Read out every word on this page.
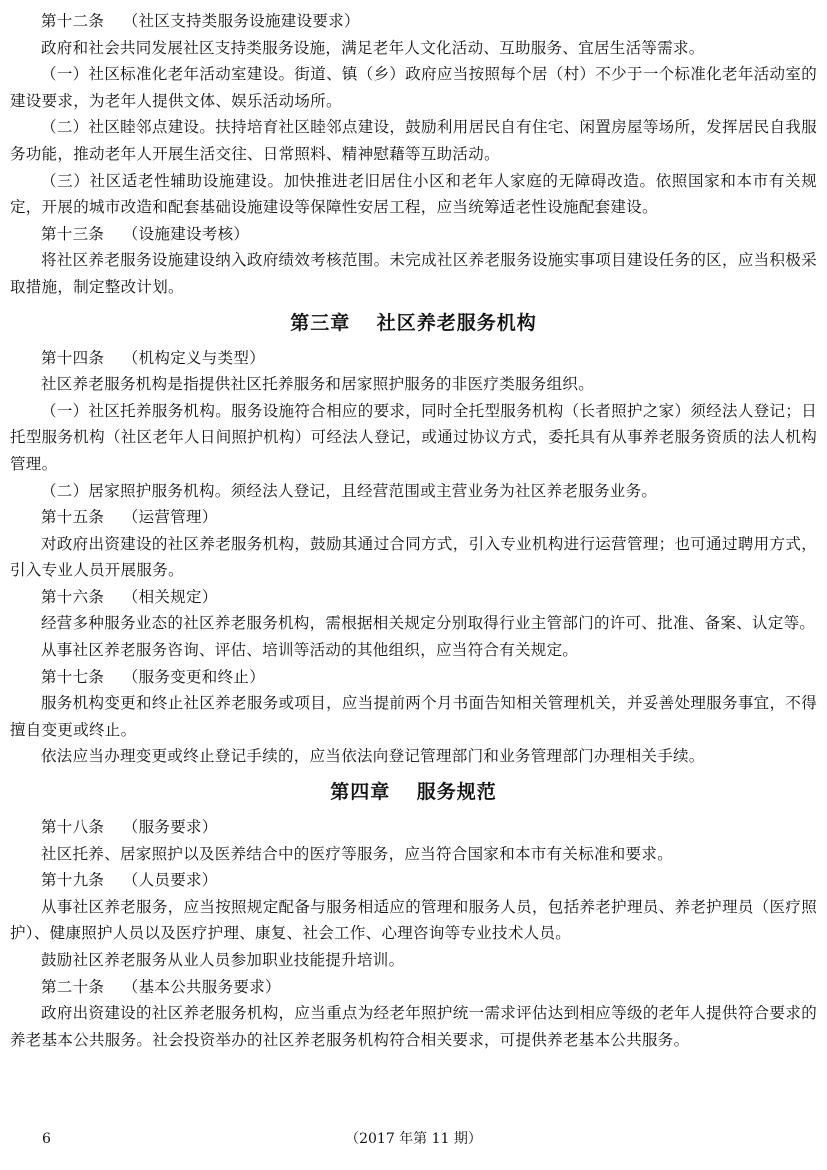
第十二条 （社区支持类服务设施建设要求）

政府和社会共同发展社区支持类服务设施，满足老年人文化活动、互助服务、宜居生活等需求。

（一）社区标准化老年活动室建设。街道、镇（乡）政府应当按照每个居（村）不少于一个标准化老年活动室的建设要求，为老年人提供文体、娱乐活动场所。

（二）社区睦邻点建设。扶持培育社区睦邻点建设，鼓励利用居民自有住宅、闲置房屋等场所，发挥居民自我服务功能，推动老年人开展生活交往、日常照料、精神慰藉等互助活动。

（三）社区适老性辅助设施建设。加快推进老旧居住小区和老年人家庭的无障碍改造。依照国家和本市有关规定，开展的城市改造和配套基础设施建设等保障性安居工程，应当统筹适老性设施配套建设。

第十三条 （设施建设考核）

将社区养老服务设施建设纳入政府绩效考核范围。未完成社区养老服务设施实事项目建设任务的区，应当积极采取措施，制定整改计划。

第三章 社区养老服务机构

第十四条 （机构定义与类型）

社区养老服务机构是指提供社区托养服务和居家照护服务的非医疗类服务组织。

（一）社区托养服务机构。服务设施符合相应的要求，同时全托型服务机构（长者照护之家）须经法人登记；日托型服务机构（社区老年人日间照护机构）可经法人登记，或通过协议方式，委托具有从事养老服务资质的法人机构管理。

（二）居家照护服务机构。须经法人登记，且经营范围或主营业务为社区养老服务业务。

第十五条 （运营管理）

对政府出资建设的社区养老服务机构，鼓励其通过合同方式，引入专业机构进行运营管理；也可通过聘用方式，引入专业人员开展服务。

第十六条 （相关规定）

经营多种服务业态的社区养老服务机构，需根据相关规定分别取得行业主管部门的许可、批准、备案、认定等。

从事社区养老服务咨询、评估、培训等活动的其他组织，应当符合有关规定。

第十七条 （服务变更和终止）

服务机构变更和终止社区养老服务或项目，应当提前两个月书面告知相关管理机关，并妥善处理服务事宜，不得擅自变更或终止。

依法应当办理变更或终止登记手续的，应当依法向登记管理部门和业务管理部门办理相关手续。

第四章 服务规范

第十八条 （服务要求）

社区托养、居家照护以及医养结合中的医疗等服务，应当符合国家和本市有关标准和要求。

第十九条 （人员要求）

从事社区养老服务，应当按照规定配备与服务相适应的管理和服务人员，包括养老护理员、养老护理员（医疗照护）、健康照护人员以及医疗护理、康复、社会工作、心理咨询等专业技术人员。

鼓励社区养老服务从业人员参加职业技能提升培训。

第二十条 （基本公共服务要求）

政府出资建设的社区养老服务机构，应当重点为经老年照护统一需求评估达到相应等级的老年人提供符合要求的养老基本公共服务。社会投资举办的社区养老服务机构符合相关要求，可提供养老基本公共服务。

6	（2017 年第 11 期）
